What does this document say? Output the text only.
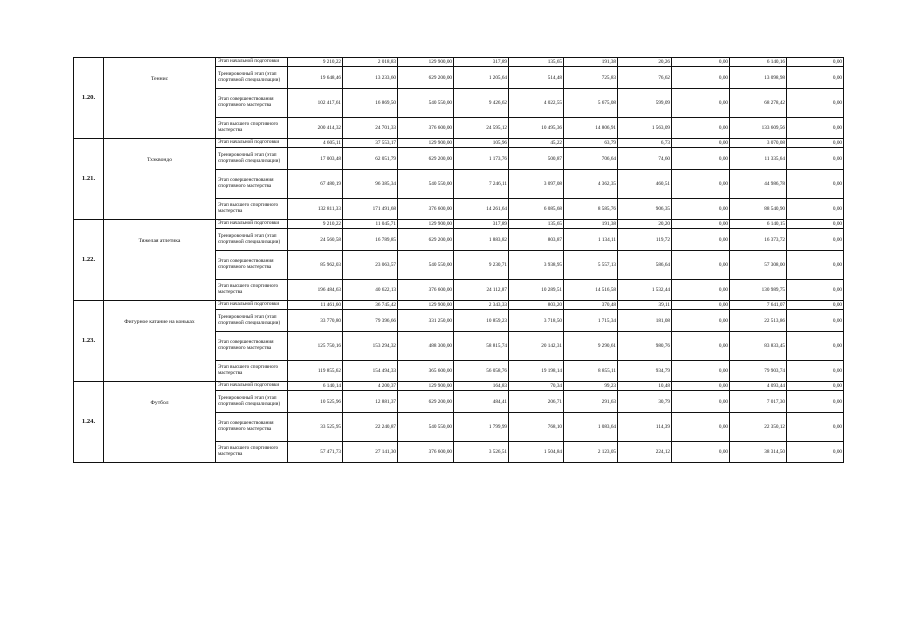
1.20.	Теннис	Этап начальной подготовки	9 210,22	2 018,83	129 900,00	317,89	135,65	191,38	20,26	0,00	6 140,16	0,00	
		Тренировочный этап (этап спортивной специализации)	19 648,46	13 233,60	629 200,00	1 205,64	514,48	725,83	76,62	0,00	13 098,98	0,00	
		Этап совершенствования спортивного мастерства	102 417,61	16 869,50	540 550,00	9 426,62	4 022,55	5 675,08	599,09	0,00	68 278,42	0,00	
		Этап высшего спортивного мастерства	200 414,32	24 701,33	376 600,00	24 595,12	10 495,36	14 806,91	1 563,09	0,00	133 609,56	0,00	
1.21.	Тхэквондо	Этап начальной подготовки	4 605,11	37 553,17	129 900,00	105,96	45,22	63,79	6,73	0,00	3 070,08	0,00	
		Тренировочный этап (этап спортивной специализации)	17 003,48	62 051,79	629 200,00	1 173,76	500,87	706,64	74,60	0,00	11 335,64	0,00	
		Этап совершенствования спортивного мастерства	67 480,19	96 385,34	540 550,00	7 246,11	3 097,08	4 362,35	460,51	0,00	44 986,78	0,00	
		Этап высшего спортивного мастерства	132 811,33	171 491,68	376 600,00	14 261,64	6 085,68	8 585,76	906,35	0,00	88 540,90	0,00	
1.22.	Тяжелая атлетика	Этап начальной подготовки	9 210,22	11 045,71	129 900,00	317,89	135,65	191,38	20,20	0,00	6 140,15	0,00	
		Тренировочный этап (этап спортивной специализации)	24 560,58	16 789,85	629 200,00	1 883,82	803,87	1 134,11	119,72	0,00	16 373,72	0,00	
		Этап совершенствования спортивного мастерства	85 962,03	23 063,57	540 550,00	9 230,71	3 938,95	5 557,13	586,64	0,00	57 308,00	0,00	
		Этап высшего спортивного мастерства	196 484,63	40 622,13	376 600,00	24 112,87	10 289,51	14 516,58	1 532,44	0,00	130 989,75	0,00	
1.23.	Фигурное катание на коньках	Этап начальной подготовки	11 461,60	36 745,42	129 900,00	2 343,33	803,20	370,48	39,11	0,00	7 641,07	0,00	
		Тренировочный этап (этап спортивной специализации)	33 770,80	79 396,66	331 250,00	10 859,23	3 718,50	1 715,34	181,08	0,00	22 513,86	0,00	
		Этап совершенствования спортивного мастерства	125 750,16	153 294,32	488 300,00	58 815,74	20 142,31	9 290,61	980,76	0,00	83 833,45	0,00	
		Этап высшего спортивного мастерства	119 855,62	154 494,33	365 600,00	56 058,76	19 198,14	8 855,11	934,79	0,00	79 903,74	0,00	
1.24.	Футбол	Этап начальной подготовки	6 140,14	4 200,37	129 900,00	164,83	70,34	99,23	10,48	0,00	4 093,44	0,00	
		Тренировочный этап (этап спортивной специализации)	10 525,96	12 881,37	629 200,00	484,41	206,71	291,63	30,79	0,00	7 017,30	0,00	
		Этап совершенствования спортивного мастерства	33 525,95	22 240,87	540 550,00	1 799,99	768,10	1 083,64	114,39	0,00	22 350,12	0,00	
		Этап высшего спортивного мастерства	57 471,73	27 141,30	376 600,00	3 526,51	1 504,84	2 123,05	224,12	0,00	38 314,50	0,00	
